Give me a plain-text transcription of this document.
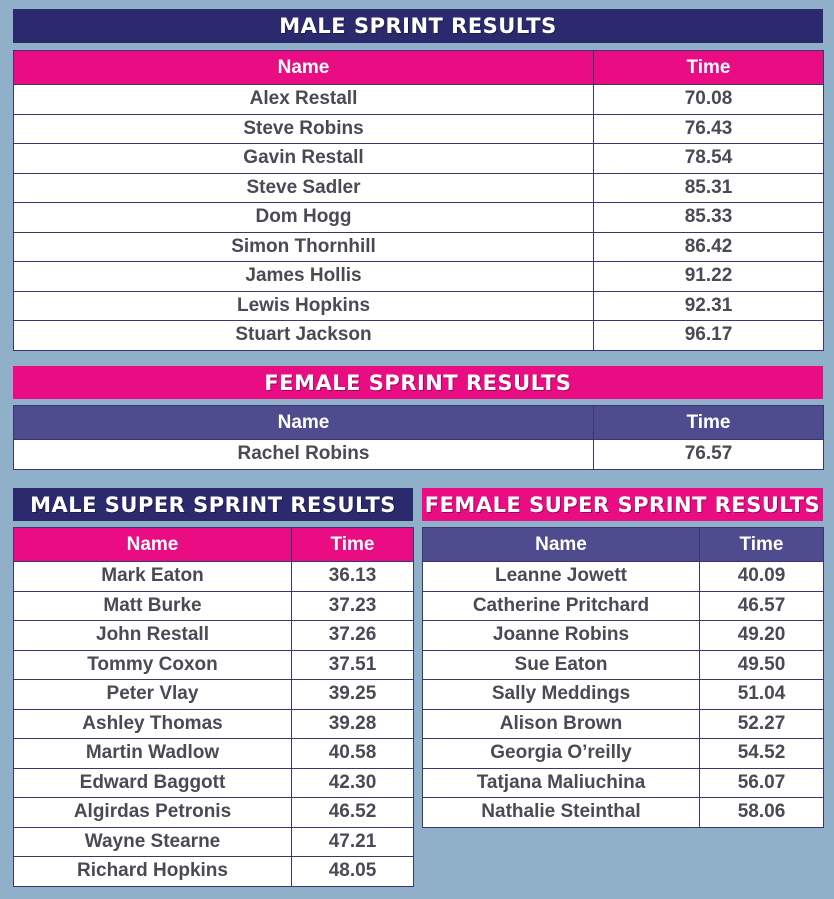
MALE SPRINT RESULTS
Name	Time
Alex Restall	70.08
Steve Robins	76.43
Gavin Restall	78.54
Steve Sadler	85.31
Dom Hogg	85.33
Simon Thornhill	86.42
James Hollis	91.22
Lewis Hopkins	92.31
Stuart Jackson	96.17
FEMALE SPRINT RESULTS
Name	Time
Rachel Robins	76.57
MALE SUPER SPRINT RESULTS
Name	Time
Mark Eaton	36.13
Matt Burke	37.23
John Restall	37.26
Tommy Coxon	37.51
Peter Vlay	39.25
Ashley Thomas	39.28
Martin Wadlow	40.58
Edward Baggott	42.30
Algirdas Petronis	46.52
Wayne Stearne	47.21
Richard Hopkins	48.05
FEMALE SUPER SPRINT RESULTS
Name	Time
Leanne Jowett	40.09
Catherine Pritchard	46.57
Joanne Robins	49.20
Sue Eaton	49.50
Sally Meddings	51.04
Alison Brown	52.27
Georgia O’reilly	54.52
Tatjana Maliuchina	56.07
Nathalie Steinthal	58.06
